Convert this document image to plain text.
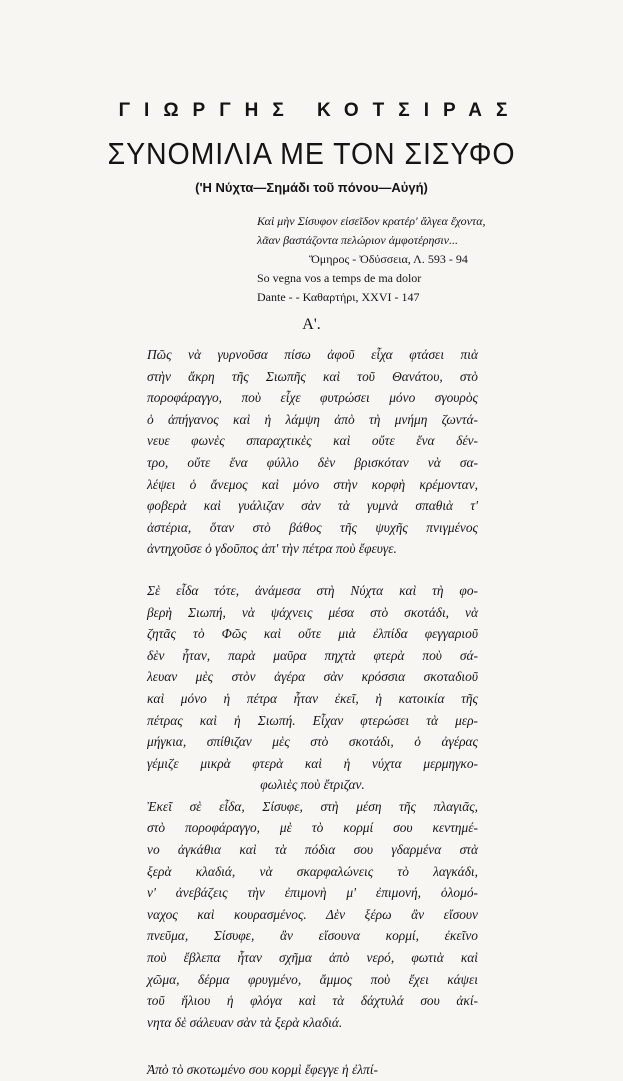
ΓΙΩΡΓΗΣ ΚΟΤΣΙΡΑΣ
ΣΥΝΟΜΙΛΙΑ ΜΕ ΤΟΝ ΣΙΣΥΦΟ
('Η Νύχτα—Σημάδι τοῦ πόνου—Αὐγή)
Καὶ μὴν Σίσυφον εἰσεῖδον κρατέρ' ἄλγεα ἔχοντα,
λᾶαν βαστάζοντα πελώριον ἀμφοτέρησιν...
Ὅμηρος - Ὀδύσσεια, Λ. 593 - 94
So vegna vos a temps de ma dolor
Dante - - Καθαρτήρι, XXVI - 147
Α'.
Πῶς νὰ γυρνοῦσα πίσω ἀφοῦ εἶχα φτάσει πιὰ
στὴν ἄκρη τῆς Σιωπῆς καὶ τοῦ Θανάτου, στὸ
ποροφάραγγο, ποὺ εἶχε φυτρώσει μόνο σγουρὸς
ὁ ἀπήγανος καὶ ἡ λάμψη ἀπὸ τὴ μνήμη ζωντά-
νευε φωνὲς σπαραχτικὲς καὶ οὔτε ἕνα δέν-
τρο, οὔτε ἕνα φύλλο δὲν βρισκόταν νὰ σα-
λέψει ὁ ἄνεμος καὶ μόνο στὴν κορφὴ κρέμονταν,
φοβερὰ καὶ γυάλιζαν σὰν τὰ γυμνὰ σπαθιὰ τ'
ἀστέρια, ὅταν στὸ βάθος τῆς ψυχῆς πνιγμένος
ἀντηχοῦσε ὁ γδοῦπος ἀπ' τὴν πέτρα ποὺ ἔφευγε.
Σὲ εἶδα τότε, ἀνάμεσα στὴ Νύχτα καὶ τὴ φο-
βερὴ Σιωπή, νὰ ψάχνεις μέσα στὸ σκοτάδι, νὰ
ζητᾶς τὸ Φῶς καὶ οὔτε μιὰ ἐλπίδα φεγγαριοῦ
δὲν ἦταν, παρὰ μαῦρα πηχτὰ φτερὰ ποὺ σά-
λευαν μὲς στὸν ἀγέρα σὰν κρόσσια σκοταδιοῦ
καὶ μόνο ἡ πέτρα ἦταν ἐκεῖ, ἡ κατοικία τῆς
πέτρας καὶ ἡ Σιωπή. Εἶχαν φτερώσει τὰ μερ-
μήγκια, σπίθιζαν μὲς στὸ σκοτάδι, ὁ ἀγέρας
γέμιζε μικρὰ φτερὰ καὶ ἡ νύχτα μερμηγκο-
φωλιὲς ποὺ ἔτριζαν.
Ἐκεῖ σὲ εἶδα, Σίσυφε, στὴ μέση τῆς πλαγιᾶς,
στὸ ποροφάραγγο, μὲ τὸ κορμί σου κεντημέ-
νο ἀγκάθια καὶ τὰ πόδια σου γδαρμένα στὰ
ξερὰ κλαδιά, νὰ σκαρφαλώνεις τὸ λαγκάδι,
ν' ἀνεβάζεις τὴν ἐπιμονὴ μ' ἐπιμονή, ὁλομό-
ναχος καὶ κουρασμένος. Δὲν ξέρω ἂν εἴσουν
πνεῦμα, Σίσυφε, ἂν εἴσουνα κορμί, ἐκεῖνο
ποὺ ἔβλεπα ἦταν σχῆμα ἀπὸ νερό, φωτιὰ καὶ
χῶμα, δέρμα φρυγμένο, ἄμμος ποὺ ἔχει κάψει
τοῦ ἥλιου ἡ φλόγα καὶ τὰ δάχτυλά σου ἀκί-
νητα δὲ σάλευαν σὰν τὰ ξερὰ κλαδιά.
Ἀπὸ τὸ σκοτωμένο σου κορμὶ ἔφεγγε ἡ ἐλπί-
